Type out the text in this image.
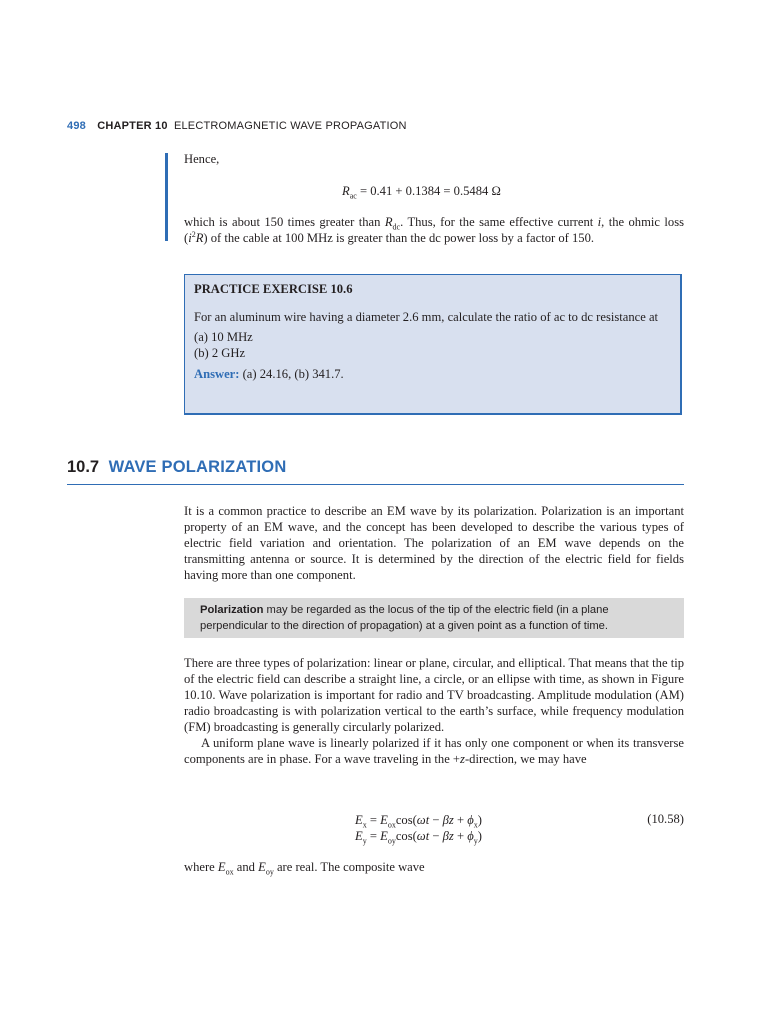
498 CHAPTER 10 ELECTROMAGNETIC WAVE PROPAGATION
Hence,
$R_{ac} = 0.41 + 0.1384 = 0.5484$ Ω

which is about 150 times greater than $R_{dc}$. Thus, for the same effective current i, the ohmic loss $(i^2R)$ of the cable at 100 MHz is greater than the dc power loss by a factor of 150.

PRACTICE EXERCISE 10.6
For an aluminum wire having a diameter 2.6 mm, calculate the ratio of ac to dc resistance at
(a) 10 MHz
(b) 2 GHz
Answer: (a) 24.16, (b) 341.7.
10.7 WAVE POLARIZATION

It is a common practice to describe an EM wave by its polarization. Polarization is an important property of an EM wave, and the concept has been developed to describe the various types of electric field variation and orientation. The polarization of an EM wave depends on the transmitting antenna or source. It is determined by the direction of the electric field for fields having more than one component.

Polarization may be regarded as the locus of the tip of the electric field (in a plane perpendicular to the direction of propagation) at a given point as a function of time.

There are three types of polarization: linear or plane, circular, and elliptical. That means that the tip of the electric field can describe a straight line, a circle, or an ellipse with time, as shown in Figure 10.10. Wave polarization is important for radio and TV broadcasting. Amplitude modulation (AM) radio broadcasting is with polarization vertical to the earth’s surface, while frequency modulation (FM) broadcasting is generally circularly polarized.

A uniform plane wave is linearly polarized if it has only one component or when its transverse components are in phase. For a wave traveling in the +z-direction, we may have

$E_x = E_{ox}\cos(\omega t - \beta z + \phi_x)$
$E_y = E_{oy}\cos(\omega t - \beta z + \phi_y)$
(10.58)

where $E_{ox}$ and $E_{oy}$ are real. The composite wave
